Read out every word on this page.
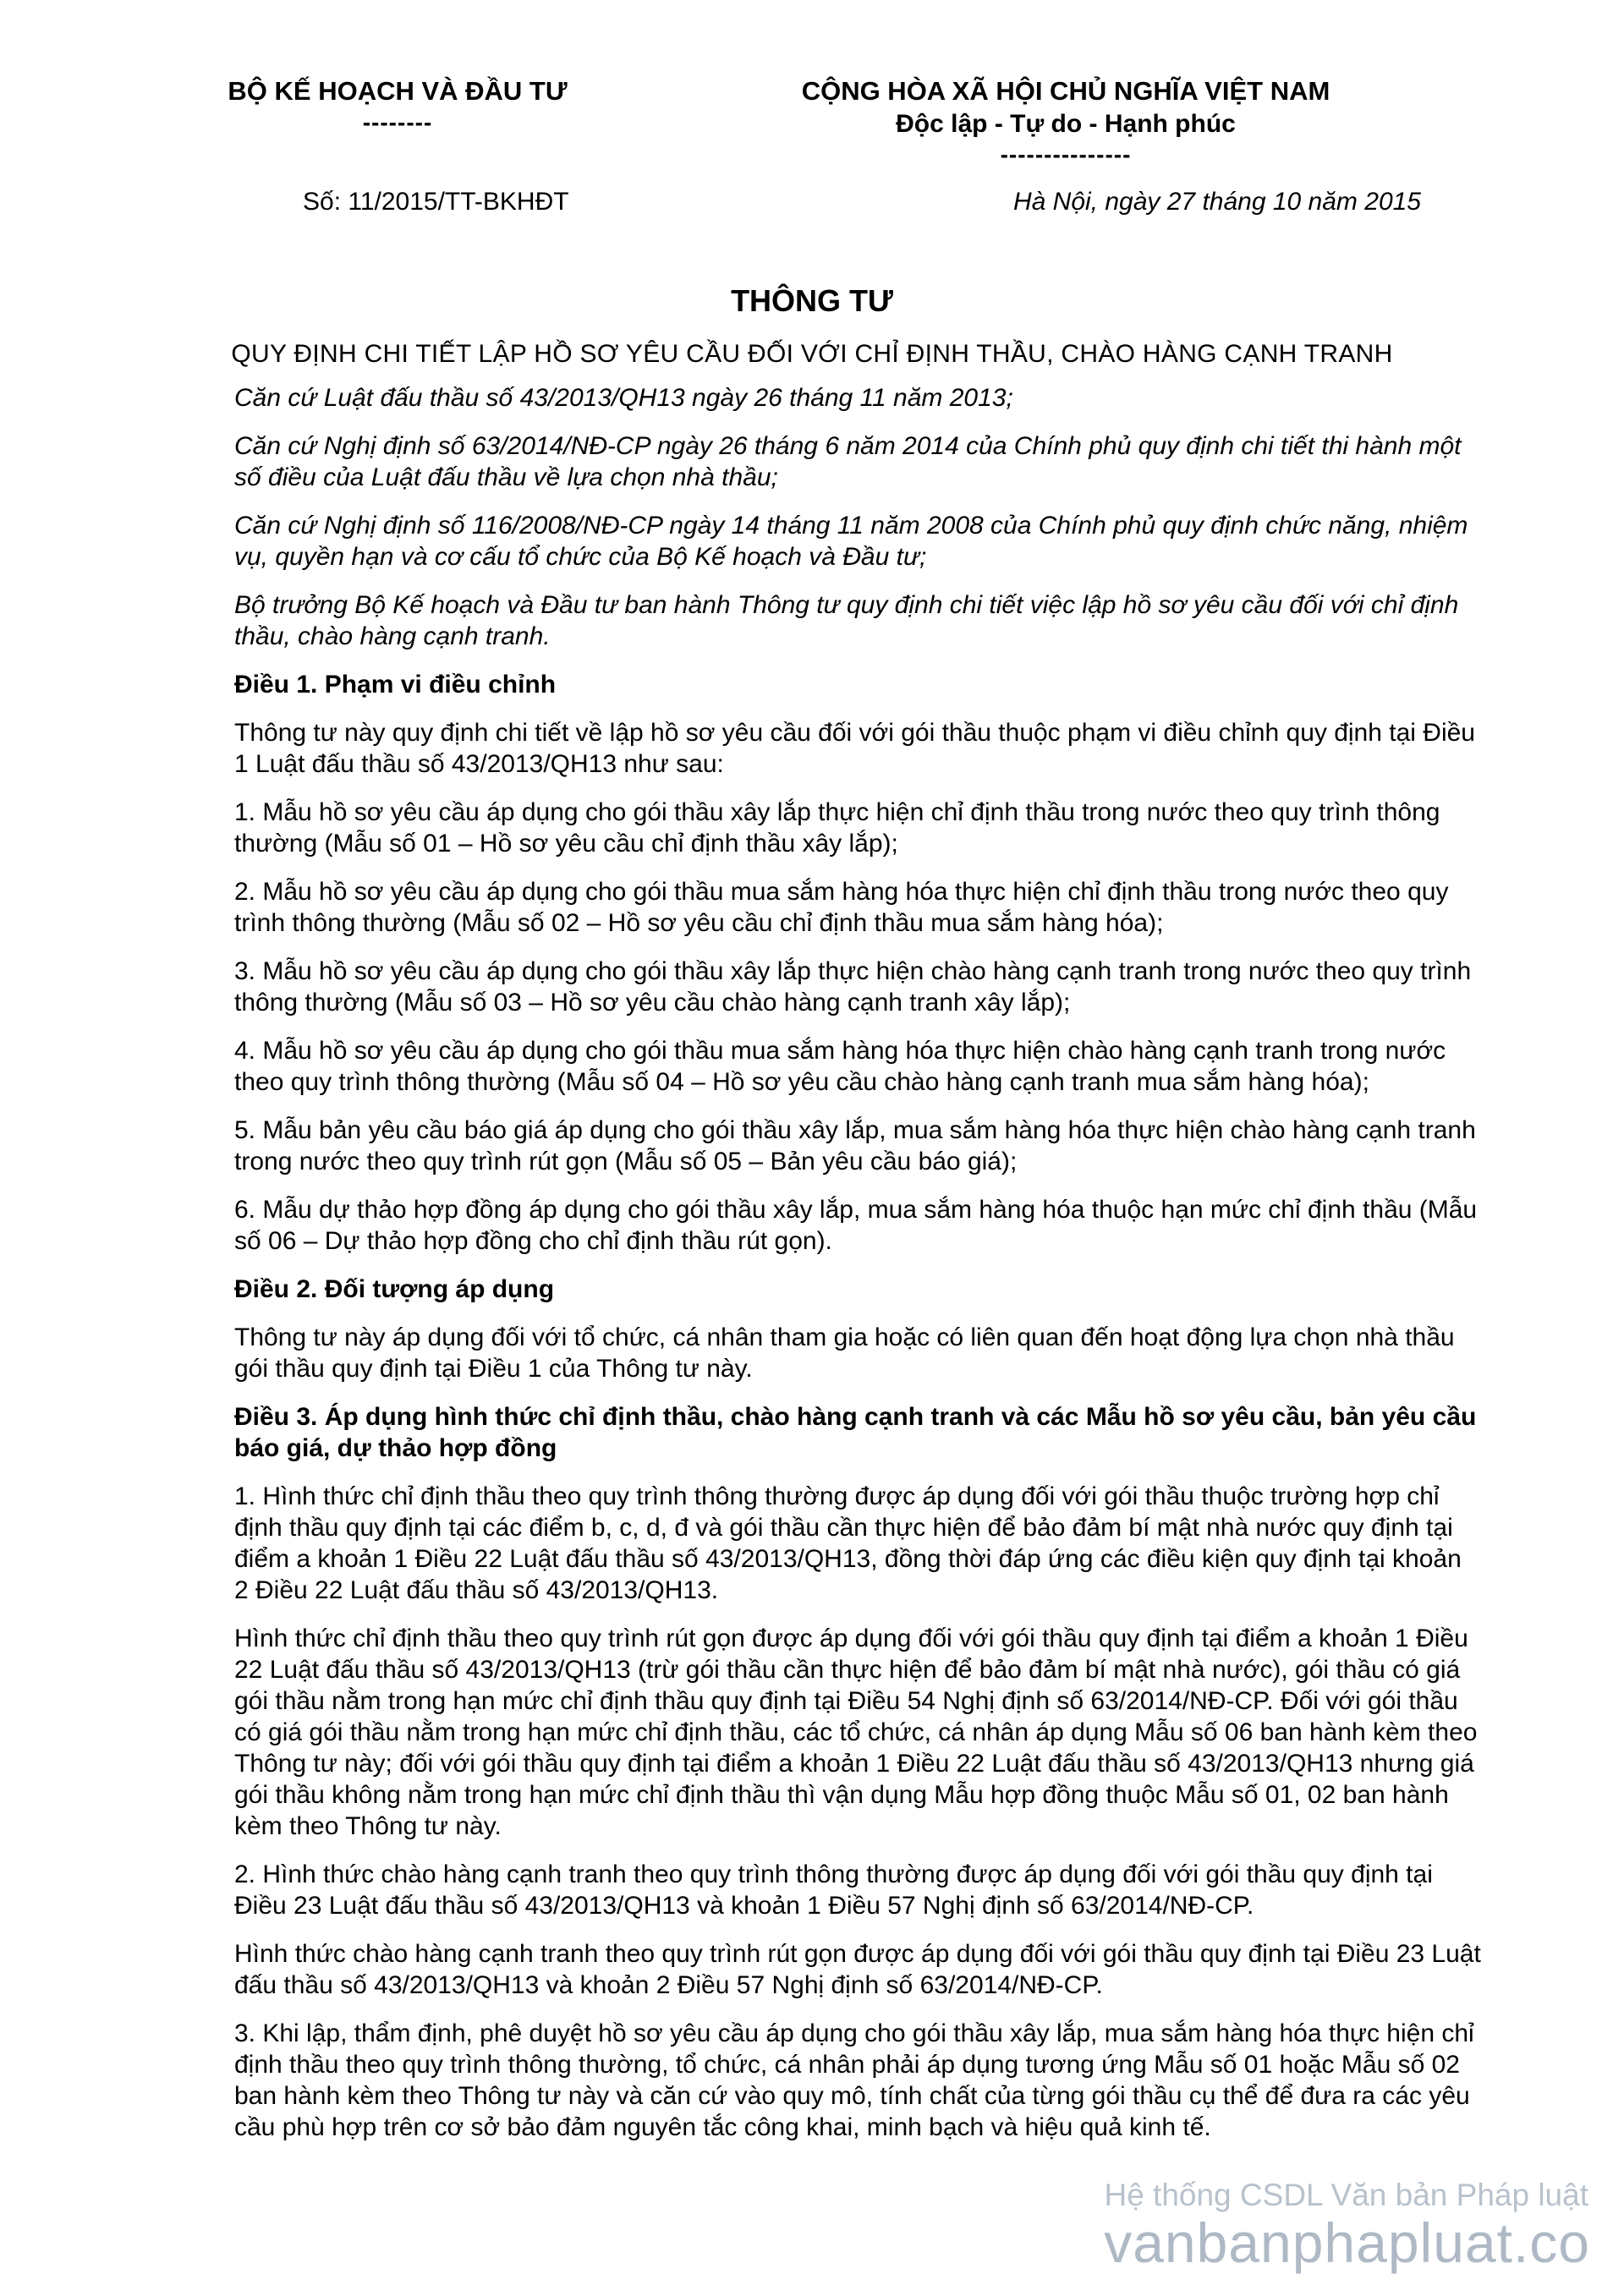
BỘ KẾ HOẠCH VÀ ĐẦU TƯ
--------
CỘNG HÒA XÃ HỘI CHỦ NGHĨA VIỆT NAM
Độc lập - Tự do - Hạnh phúc
---------------
Số: 11/2015/TT-BKHĐT	Hà Nội, ngày 27 tháng 10 năm 2015
THÔNG TƯ
QUY ĐỊNH CHI TIẾT LẬP HỒ SƠ YÊU CẦU ĐỐI VỚI CHỈ ĐỊNH THẦU, CHÀO HÀNG CẠNH TRANH

Căn cứ Luật đấu thầu số 43/2013/QH13 ngày 26 tháng 11 năm 2013;

Căn cứ Nghị định số 63/2014/NĐ-CP ngày 26 tháng 6 năm 2014 của Chính phủ quy định chi tiết thi hành một số điều của Luật đấu thầu về lựa chọn nhà thầu;

Căn cứ Nghị định số 116/2008/NĐ-CP ngày 14 tháng 11 năm 2008 của Chính phủ quy định chức năng, nhiệm vụ, quyền hạn và cơ cấu tổ chức của Bộ Kế hoạch và Đầu tư;

Bộ trưởng Bộ Kế hoạch và Đầu tư ban hành Thông tư quy định chi tiết việc lập hồ sơ yêu cầu đối với chỉ định thầu, chào hàng cạnh tranh.

Điều 1. Phạm vi điều chỉnh

Thông tư này quy định chi tiết về lập hồ sơ yêu cầu đối với gói thầu thuộc phạm vi điều chỉnh quy định tại Điều 1 Luật đấu thầu số 43/2013/QH13 như sau:

1. Mẫu hồ sơ yêu cầu áp dụng cho gói thầu xây lắp thực hiện chỉ định thầu trong nước theo quy trình thông thường (Mẫu số 01 – Hồ sơ yêu cầu chỉ định thầu xây lắp);

2. Mẫu hồ sơ yêu cầu áp dụng cho gói thầu mua sắm hàng hóa thực hiện chỉ định thầu trong nước theo quy trình thông thường (Mẫu số 02 – Hồ sơ yêu cầu chỉ định thầu mua sắm hàng hóa);

3. Mẫu hồ sơ yêu cầu áp dụng cho gói thầu xây lắp thực hiện chào hàng cạnh tranh trong nước theo quy trình thông thường (Mẫu số 03 – Hồ sơ yêu cầu chào hàng cạnh tranh xây lắp);

4. Mẫu hồ sơ yêu cầu áp dụng cho gói thầu mua sắm hàng hóa thực hiện chào hàng cạnh tranh trong nước theo quy trình thông thường (Mẫu số 04 – Hồ sơ yêu cầu chào hàng cạnh tranh mua sắm hàng hóa);

5. Mẫu bản yêu cầu báo giá áp dụng cho gói thầu xây lắp, mua sắm hàng hóa thực hiện chào hàng cạnh tranh trong nước theo quy trình rút gọn (Mẫu số 05 – Bản yêu cầu báo giá);

6. Mẫu dự thảo hợp đồng áp dụng cho gói thầu xây lắp, mua sắm hàng hóa thuộc hạn mức chỉ định thầu (Mẫu số 06 – Dự thảo hợp đồng cho chỉ định thầu rút gọn).

Điều 2. Đối tượng áp dụng

Thông tư này áp dụng đối với tổ chức, cá nhân tham gia hoặc có liên quan đến hoạt động lựa chọn nhà thầu gói thầu quy định tại Điều 1 của Thông tư này.

Điều 3. Áp dụng hình thức chỉ định thầu, chào hàng cạnh tranh và các Mẫu hồ sơ yêu cầu, bản yêu cầu báo giá, dự thảo hợp đồng

1. Hình thức chỉ định thầu theo quy trình thông thường được áp dụng đối với gói thầu thuộc trường hợp chỉ định thầu quy định tại các điểm b, c, d, đ và gói thầu cần thực hiện để bảo đảm bí mật nhà nước quy định tại điểm a khoản 1 Điều 22 Luật đấu thầu số 43/2013/QH13, đồng thời đáp ứng các điều kiện quy định tại khoản 2 Điều 22 Luật đấu thầu số 43/2013/QH13.

Hình thức chỉ định thầu theo quy trình rút gọn được áp dụng đối với gói thầu quy định tại điểm a khoản 1 Điều 22 Luật đấu thầu số 43/2013/QH13 (trừ gói thầu cần thực hiện để bảo đảm bí mật nhà nước), gói thầu có giá gói thầu nằm trong hạn mức chỉ định thầu quy định tại Điều 54 Nghị định số 63/2014/NĐ-CP. Đối với gói thầu có giá gói thầu nằm trong hạn mức chỉ định thầu, các tổ chức, cá nhân áp dụng Mẫu số 06 ban hành kèm theo Thông tư này; đối với gói thầu quy định tại điểm a khoản 1 Điều 22 Luật đấu thầu số 43/2013/QH13 nhưng giá gói thầu không nằm trong hạn mức chỉ định thầu thì vận dụng Mẫu hợp đồng thuộc Mẫu số 01, 02 ban hành kèm theo Thông tư này.

2. Hình thức chào hàng cạnh tranh theo quy trình thông thường được áp dụng đối với gói thầu quy định tại Điều 23 Luật đấu thầu số 43/2013/QH13 và khoản 1 Điều 57 Nghị định số 63/2014/NĐ-CP.

Hình thức chào hàng cạnh tranh theo quy trình rút gọn được áp dụng đối với gói thầu quy định tại Điều 23 Luật đấu thầu số 43/2013/QH13 và khoản 2 Điều 57 Nghị định số 63/2014/NĐ-CP.

3. Khi lập, thẩm định, phê duyệt hồ sơ yêu cầu áp dụng cho gói thầu xây lắp, mua sắm hàng hóa thực hiện chỉ định thầu theo quy trình thông thường, tổ chức, cá nhân phải áp dụng tương ứng Mẫu số 01 hoặc Mẫu số 02 ban hành kèm theo Thông tư này và căn cứ vào quy mô, tính chất của từng gói thầu cụ thể để đưa ra các yêu cầu phù hợp trên cơ sở bảo đảm nguyên tắc công khai, minh bạch và hiệu quả kinh tế.

Hệ thống CSDL Văn bản Pháp luật
vanbanphapluat.co
